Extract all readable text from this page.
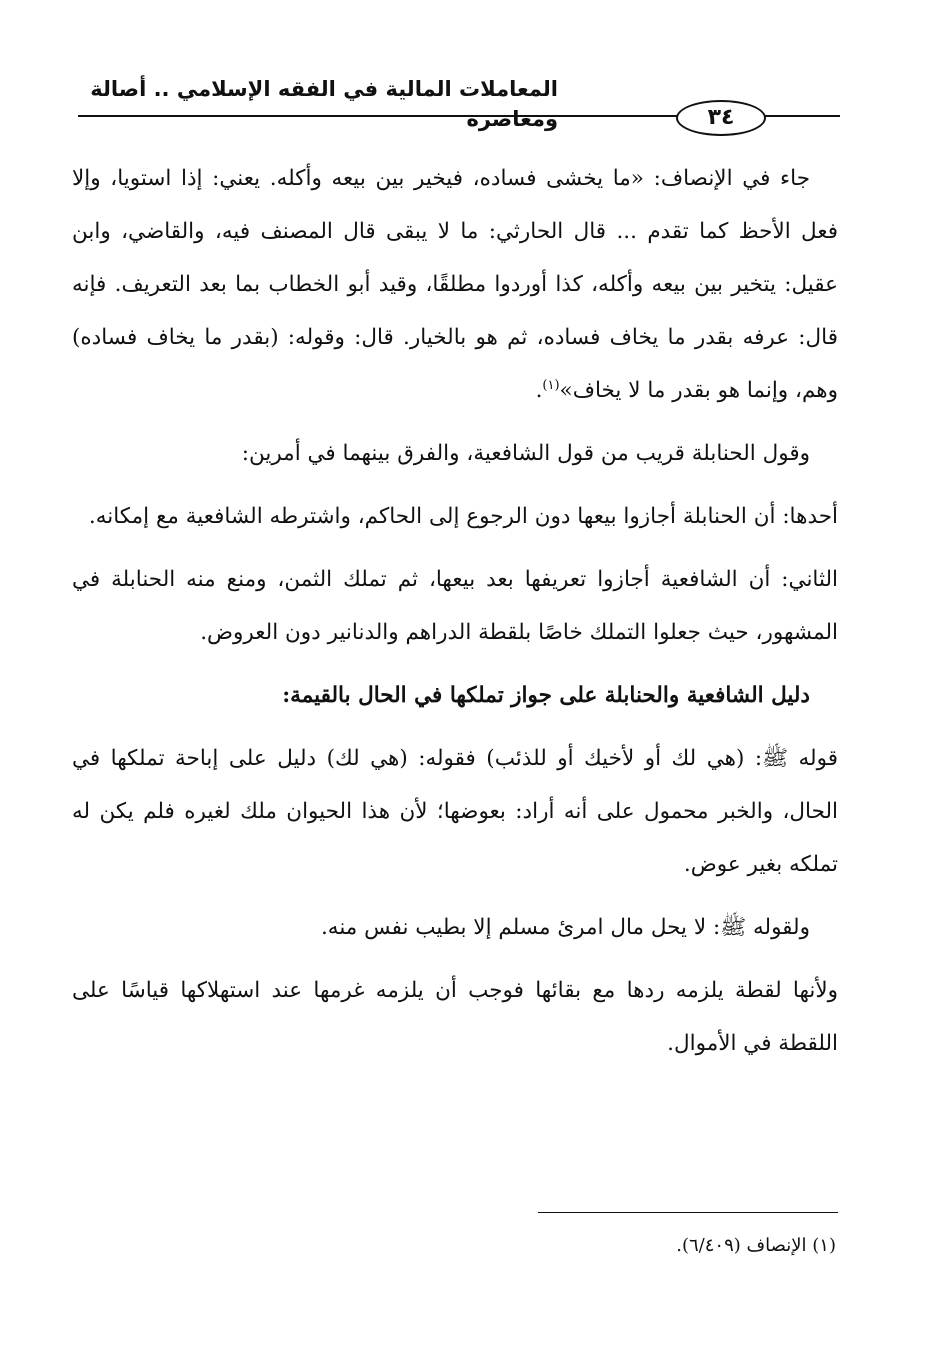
المعاملات المالية في الفقه الإسلامي .. أصالة ومعاصرة	٣٤

جاء في الإنصاف: «ما يخشى فساده، فيخير بين بيعه وأكله. يعني: إذا استويا، وإلا فعل الأحظ كما تقدم ... قال الحارثي: ما لا يبقى قال المصنف فيه، والقاضي، وابن عقيل: يتخير بين بيعه وأكله، كذا أوردوا مطلقًا، وقيد أبو الخطاب بما بعد التعريف. فإنه قال: عرفه بقدر ما يخاف فساده، ثم هو بالخيار. قال: وقوله: (بقدر ما يخاف فساده) وهم، وإنما هو بقدر ما لا يخاف»$^{(١)}$.

وقول الحنابلة قريب من قول الشافعية، والفرق بينهما في أمرين:

أحدها: أن الحنابلة أجازوا بيعها دون الرجوع إلى الحاكم، واشترطه الشافعية مع إمكانه.

الثاني: أن الشافعية أجازوا تعريفها بعد بيعها، ثم تملك الثمن، ومنع منه الحنابلة في المشهور، حيث جعلوا التملك خاصًا بلقطة الدراهم والدنانير دون العروض.

دليل الشافعية والحنابلة على جواز تملكها في الحال بالقيمة:

قوله ﷺ: (هي لك أو لأخيك أو للذئب) فقوله: (هي لك) دليل على إباحة تملكها في الحال، والخبر محمول على أنه أراد: بعوضها؛ لأن هذا الحيوان ملك لغيره فلم يكن له تملكه بغير عوض.

ولقوله ﷺ: لا يحل مال امرئ مسلم إلا بطيب نفس منه.

ولأنها لقطة يلزمه ردها مع بقائها فوجب أن يلزمه غرمها عند استهلاكها قياسًا على اللقطة في الأموال.

(١) الإنصاف (٦/٤٠٩).
